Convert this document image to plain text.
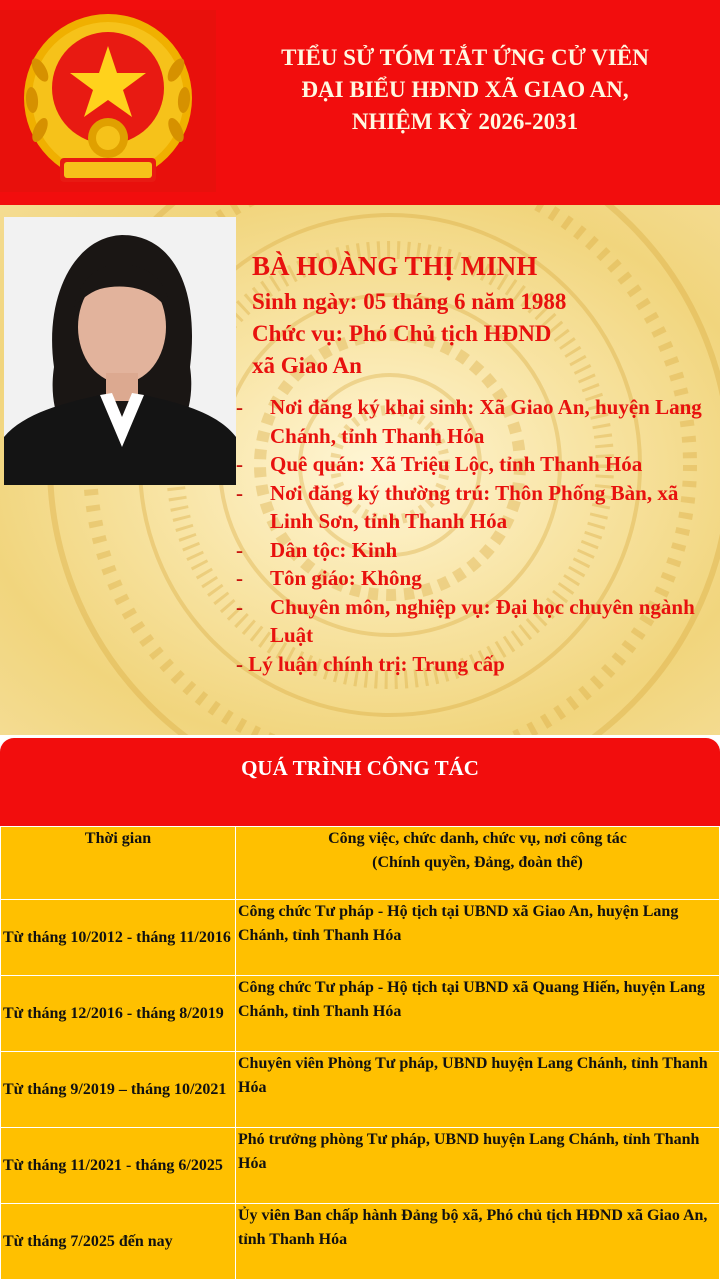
TIỂU SỬ TÓM TẮT ỨNG CỬ VIÊN
ĐẠI BIỂU HĐND XÃ GIAO AN,
NHIỆM KỲ 2026-2031
BÀ HOÀNG THỊ MINH
Sinh ngày: 05 tháng 6 năm 1988
Chức vụ: Phó Chủ tịch HĐND
xã Giao An
- Nơi đăng ký khai sinh: Xã Giao An, huyện Lang Chánh, tỉnh Thanh Hóa
- Quê quán: Xã Triệu Lộc, tỉnh Thanh Hóa
- Nơi đăng ký thường trú: Thôn Phống Bàn, xã Linh Sơn, tỉnh Thanh Hóa
- Dân tộc: Kinh
- Tôn giáo: Không
- Chuyên môn, nghiệp vụ: Đại học chuyên ngành Luật
- Lý luận chính trị: Trung cấp
QUÁ TRÌNH CÔNG TÁC
Thời gian	Công việc, chức danh, chức vụ, nơi công tác
(Chính quyền, Đảng, đoàn thể)

Từ tháng 10/2012 - tháng 11/2016	Công chức Tư pháp - Hộ tịch tại UBND xã Giao An, huyện Lang Chánh, tỉnh Thanh Hóa
Từ tháng 12/2016 - tháng 8/2019	Công chức Tư pháp - Hộ tịch tại UBND xã Quang Hiến, huyện Lang Chánh, tỉnh Thanh Hóa
Từ tháng 9/2019 – tháng 10/2021	Chuyên viên Phòng Tư pháp, UBND huyện Lang Chánh, tỉnh Thanh Hóa
Từ tháng 11/2021 - tháng 6/2025	Phó trưởng phòng Tư pháp, UBND huyện Lang Chánh, tỉnh Thanh Hóa
Từ tháng 7/2025 đến nay	Ủy viên Ban chấp hành Đảng bộ xã, Phó chủ tịch HĐND xã Giao An, tỉnh Thanh Hóa
